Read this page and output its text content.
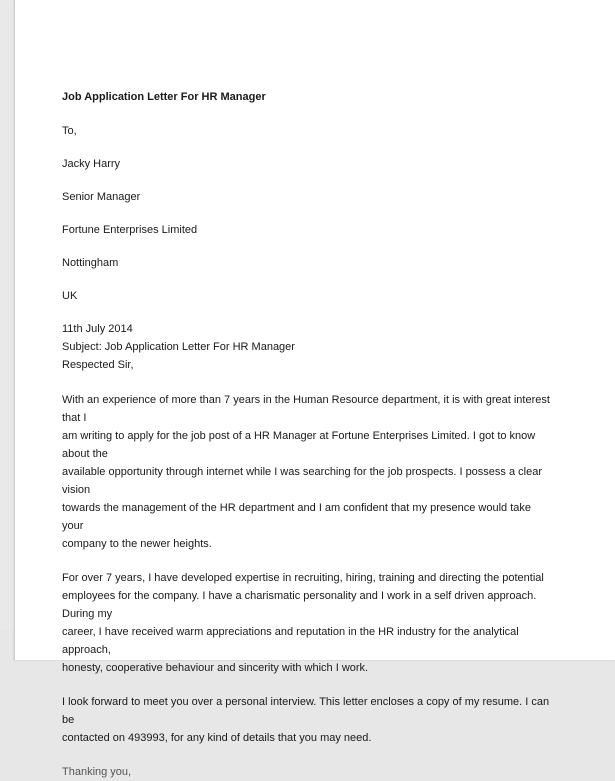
Job Application Letter For HR Manager

To,

Jacky Harry

Senior Manager

Fortune Enterprises Limited

Nottingham

UK

11th July 2014

Subject: Job Application Letter For HR Manager

Respected Sir,

With an experience of more than 7 years in the Human Resource department, it is with great interest that I

am writing to apply for the job post of a HR Manager at Fortune Enterprises Limited. I got to know about the

available opportunity through internet while I was searching for the job prospects. I possess a clear vision

towards the management of the HR department and I am confident that my presence would take your

company to the newer heights.

For over 7 years, I have developed expertise in recruiting, hiring, training and directing the potential

employees for the company. I have a charismatic personality and I work in a self driven approach. During my

career, I have received warm appreciations and reputation in the HR industry for the analytical approach,

honesty, cooperative behaviour and sincerity with which I work.

I look forward to meet you over a personal interview. This letter encloses a copy of my resume. I can be

contacted on 493993, for any kind of details that you may need.

Thanking you,
